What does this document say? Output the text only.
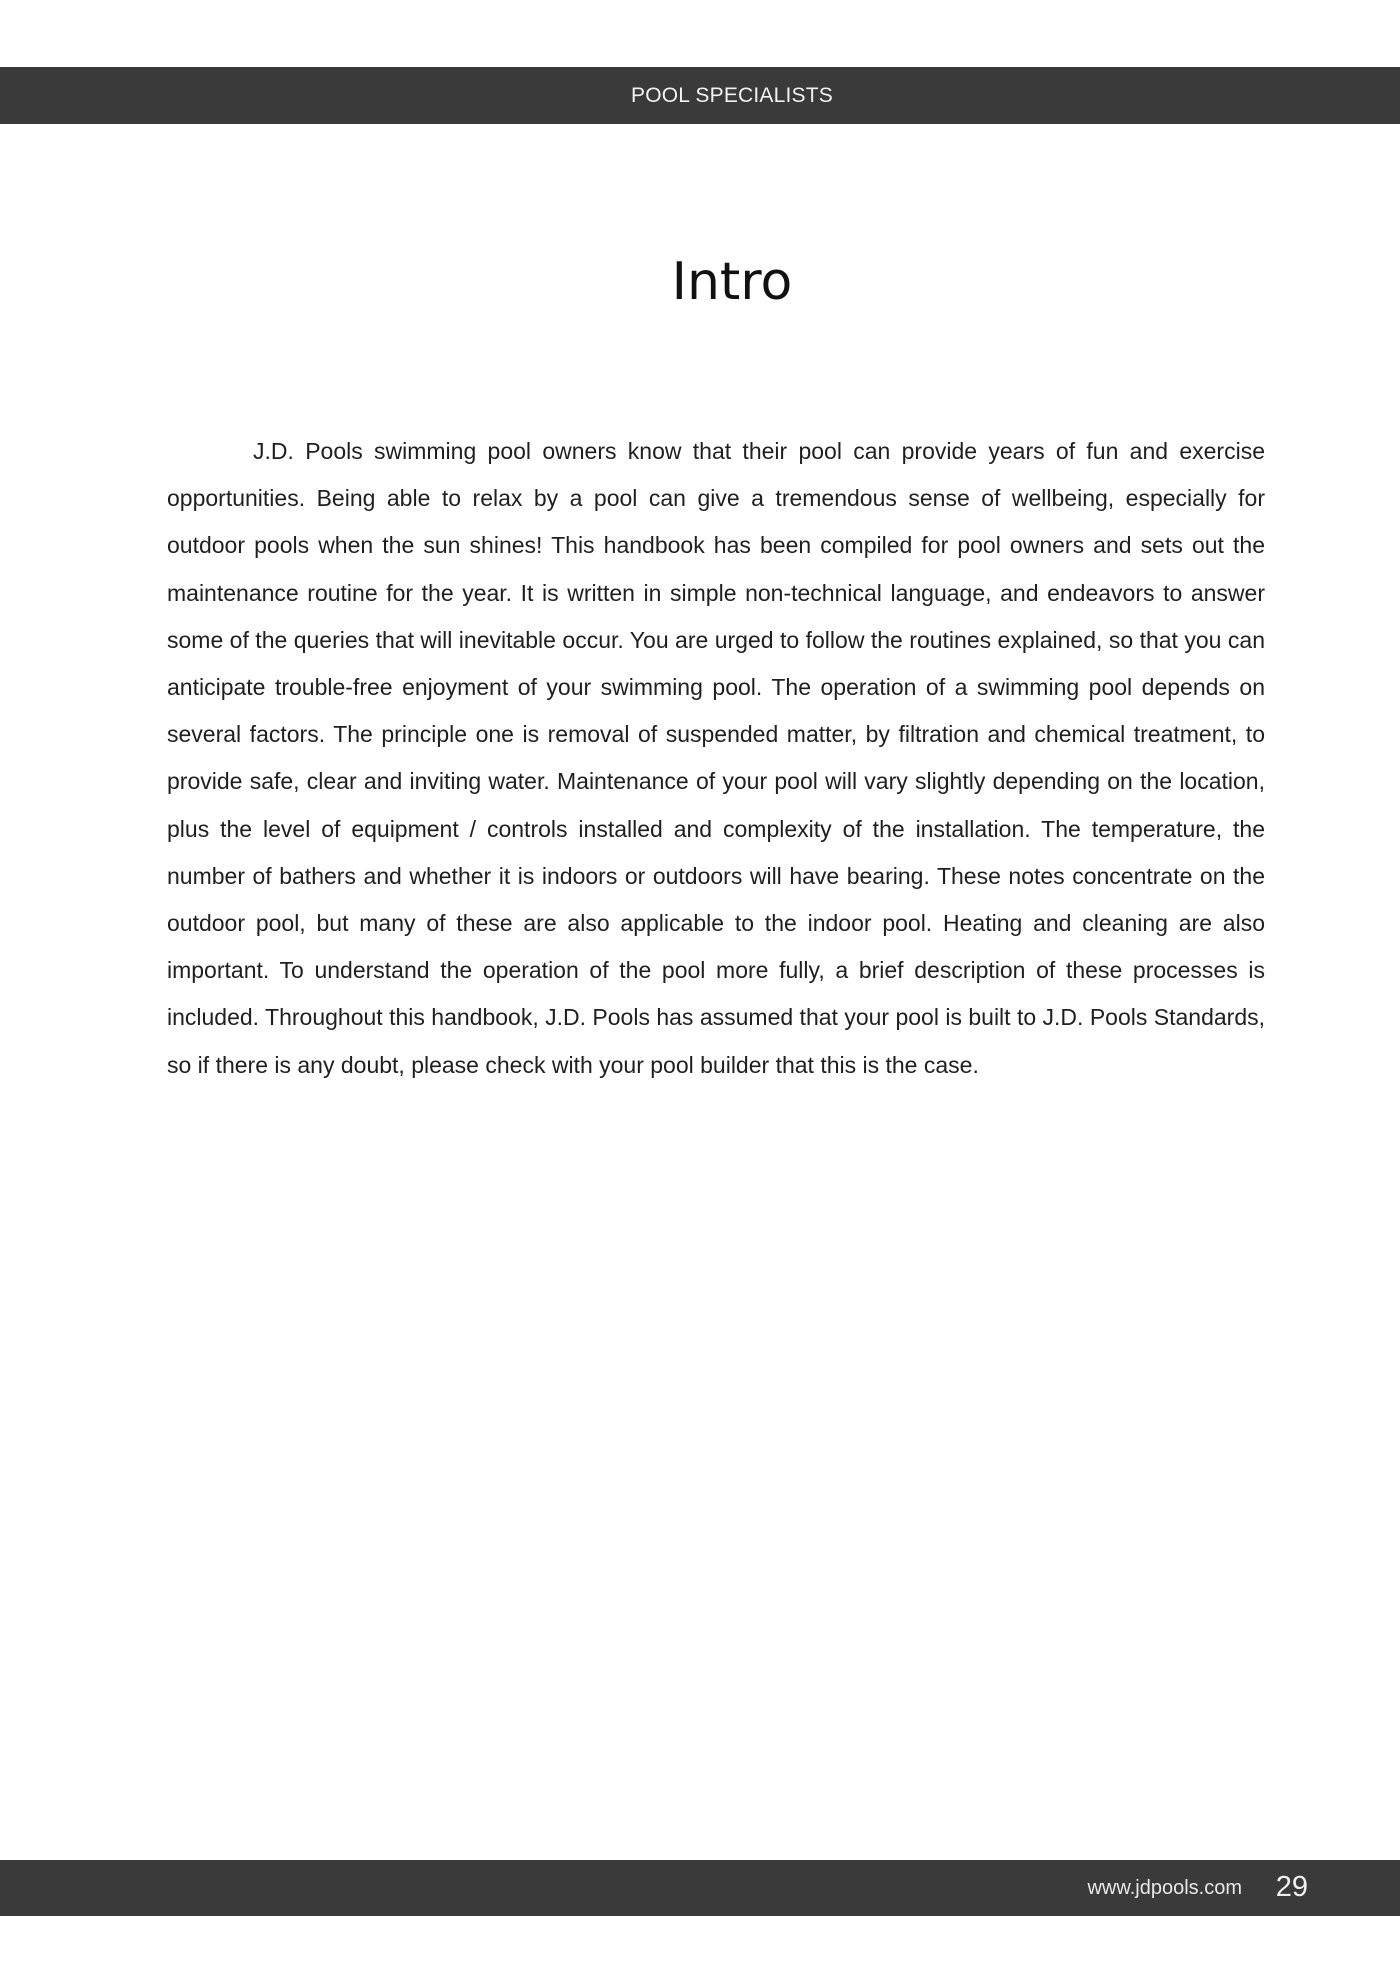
POOL SPECIALISTS
Intro

J.D. Pools swimming pool owners know that their pool can provide years of fun and exercise opportunities. Being able to relax by a pool can give a tremendous sense of wellbeing, especially for outdoor pools when the sun shines! This handbook has been compiled for pool owners and sets out the maintenance routine for the year. It is written in simple non-technical language, and endeavors to answer some of the queries that will inevitable occur. You are urged to follow the routines explained, so that you can anticipate trouble-free enjoyment of your swimming pool. The operation of a swimming pool depends on several factors. The principle one is removal of suspended matter, by filtration and chemical treatment, to provide safe, clear and inviting water. Maintenance of your pool will vary slightly depending on the location, plus the level of equipment / controls installed and complexity of the installation. The temperature, the number of bathers and whether it is indoors or outdoors will have bearing. These notes concentrate on the outdoor pool, but many of these are also applicable to the indoor pool. Heating and cleaning are also important. To understand the operation of the pool more fully, a brief description of these processes is included. Throughout this handbook, J.D. Pools has assumed that your pool is built to J.D. Pools Standards, so if there is any doubt, please check with your pool builder that this is the case.

www.jdpools.com 29
